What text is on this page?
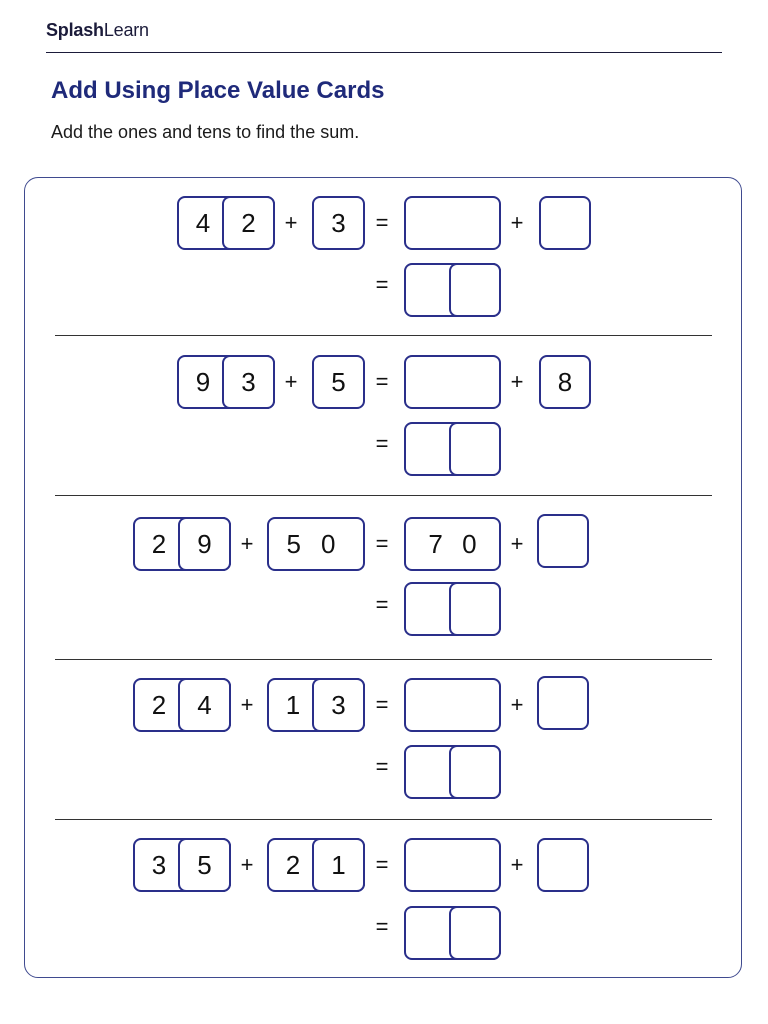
SplashLearn
Add Using Place Value Cards
Add the ones and tens to find the sum.
4 2 + 3 =	+
=
9 3 + 5 =	+ 8
=
2 9 + 5 0 = 7 0 +
=
2 4 + 1 3 =	+
=
3 5 + 2 1 =	+
=
